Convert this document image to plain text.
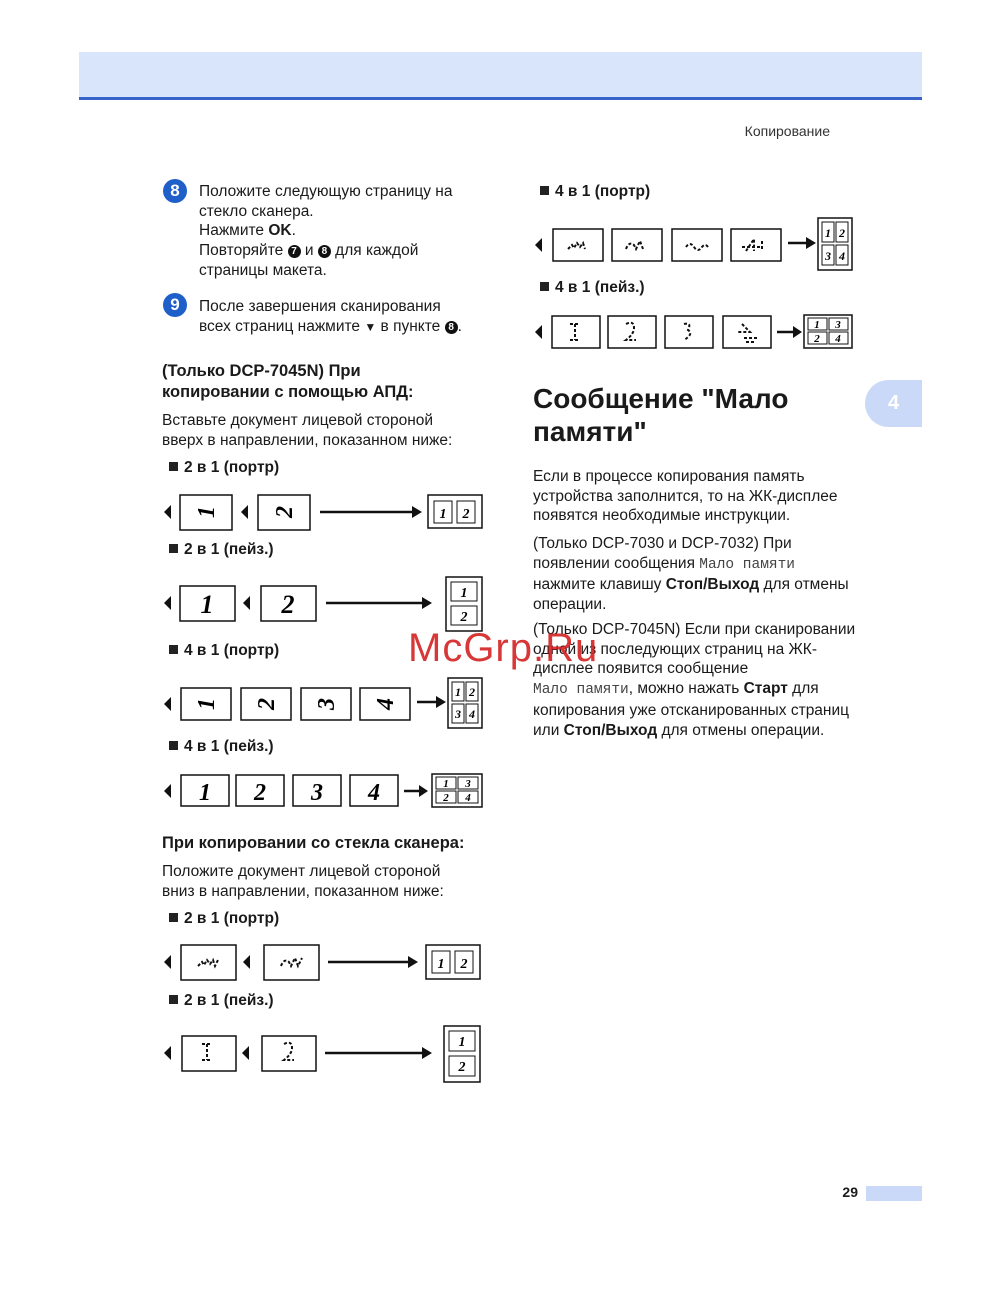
Копирование
8	Положите следующую страницу на
стекло сканера.
Нажмите OK.
Повторяйте 7 и 8 для каждой
страницы макета.
9	После завершения сканирования
всех страниц нажмите ▼ в пункте 8 .
(Только DCP-7045N) При
копировании с помощью АПД:
Вставьте документ лицевой стороной
вверх в направлении, показанном ниже:
2 в 1 (портр)
1 2	1 2
2 в 1 (пейз.)
1	2	1
2
4 в 1 (портр)
1 2 3 4
1 2
3 4
4 в 1 (пейз.)
1 2 3 4	1 3
2 4
При копировании со стекла сканера:
Положите документ лицевой стороной
вниз в направлении, показанном ниже:
2 в 1 (портр)
1 2
2 в 1 (пейз.)
1
2
4 в 1 (портр)
1 2
3 4
4 в 1 (пейз.)
1 3
2 4
Сообщение "Мало
памяти"
4
Если в процессе копирования память
устройства заполнится, то на ЖК-дисплее
появятся необходимые инструкции.
(Только DCP-7030 и DCP-7032) При
появлении сообщения Мало памяти
нажмите клавишу Стоп/Выход для отмены
операции.
(Только DCP-7045N) Если при сканировании
одной из последующих страниц на ЖК-
дисплее появится сообщение
Мало памяти, можно нажать Старт для
копирования уже отсканированных страниц
или Стоп/Выход для отмены операции.
McGrp.Ru
29
